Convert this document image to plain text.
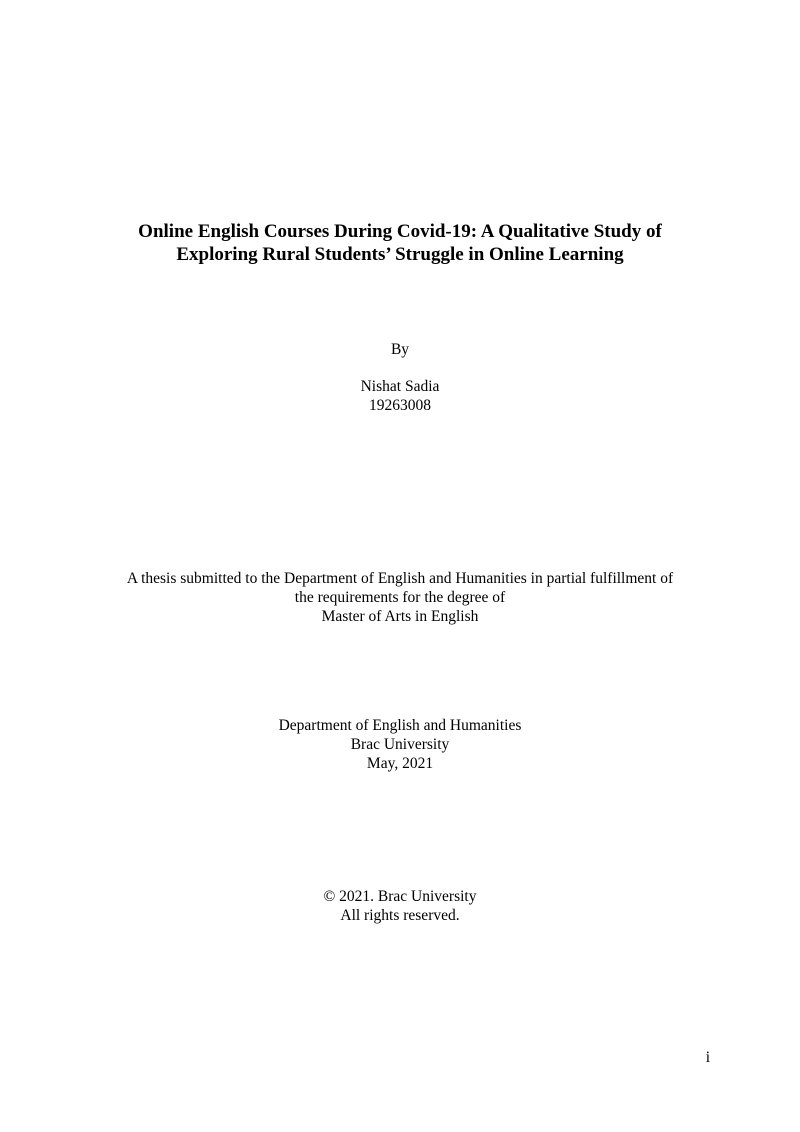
Online English Courses During Covid-19: A Qualitative Study of
Exploring Rural Students’ Struggle in Online Learning
By
Nishat Sadia
19263008
A thesis submitted to the Department of English and Humanities in partial fulfillment of
the requirements for the degree of
Master of Arts in English
Department of English and Humanities
Brac University
May, 2021
© 2021. Brac University
All rights reserved.
i
